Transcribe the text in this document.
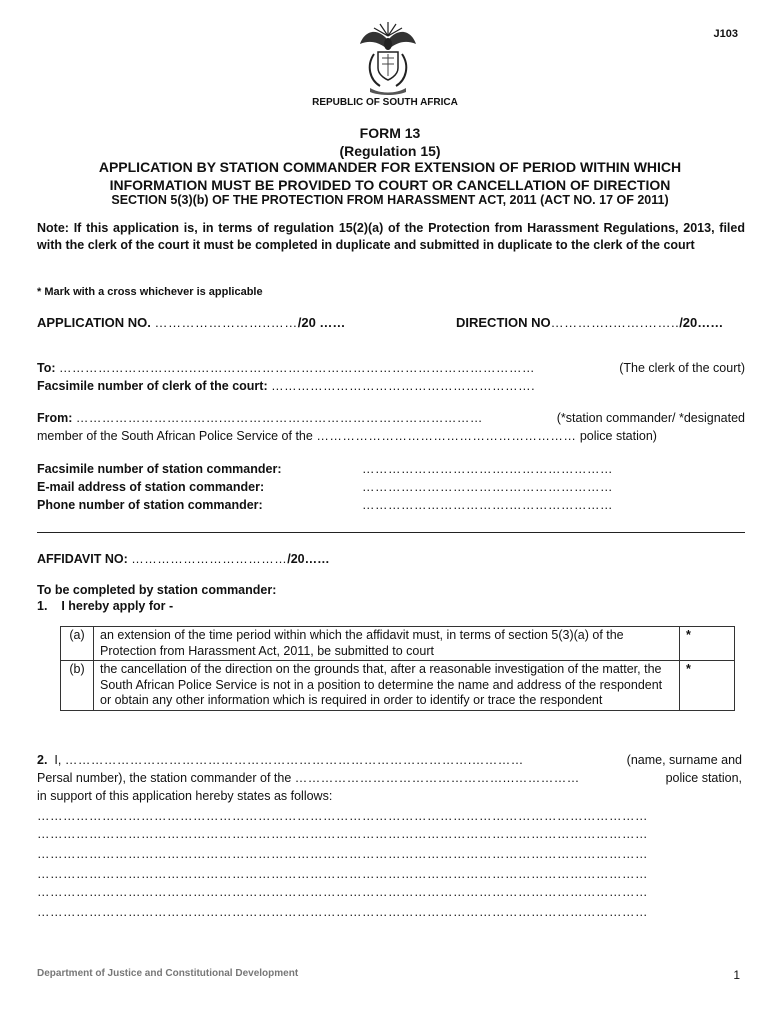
J103
REPUBLIC OF SOUTH AFRICA
FORM 13
(Regulation 15)
APPLICATION BY STATION COMMANDER FOR EXTENSION OF PERIOD WITHIN WHICH
INFORMATION MUST BE PROVIDED TO COURT OR CANCELLATION OF DIRECTION
SECTION 5(3)(b) OF THE PROTECTION FROM HARASSMENT ACT, 2011 (ACT NO. 17 OF 2011)
Note: If this application is, in terms of regulation 15(2)(a) of the Protection from Harassment Regulations, 2013, filed with the clerk of the court it must be completed in duplicate and submitted in duplicate to the clerk of the court
* Mark with a cross whichever is applicable
APPLICATION NO. ……………………..……/20 ……	DIRECTION NO…………..…….……../20……
To: …………………………..……………………………………………………………………	(The clerk of the court)
Facsimile number of clerk of the court: …………………………………………………….
From: …………………………….……………………………………………………	(*station commander/ *designated
member of the South African Police Service of the …………………………………………………… police station)
Facsimile number of station commander:	…………………………….……………………
E-mail address of station commander:	…………………………….……………………
Phone number of station commander:	…………………………….……………………
AFFIDAVIT NO: ………………………………/20……
To be completed by station commander:
1.    I hereby apply for -
(a)	an extension of the time period within which the affidavit must, in terms of section 5(3)(a) of the Protection from Harassment Act, 2011, be submitted to court	*
(b)	the cancellation of the direction on the grounds that, after a reasonable investigation of the matter, the South African Police Service is not in a position to determine the name and address of the respondent or obtain any other information which is required in order to identify or trace the respondent	*
2. I, ………………………………………………………………………………….…………	(name, surname and
Persal number), the station commander of the …………………………………………...……………	police station,
in support of this application hereby states as follows:
……………………………………………………………………………………………………………………………
……………………………………………………………………………………………………………………………
……………………………………………………………………………………………………………………………
……………………………………………………………………………………………………………………………
……………………………………………………………………………………………………………………………
……………………………………………………………………………………………………………………………
Department of Justice and Constitutional Development	1
